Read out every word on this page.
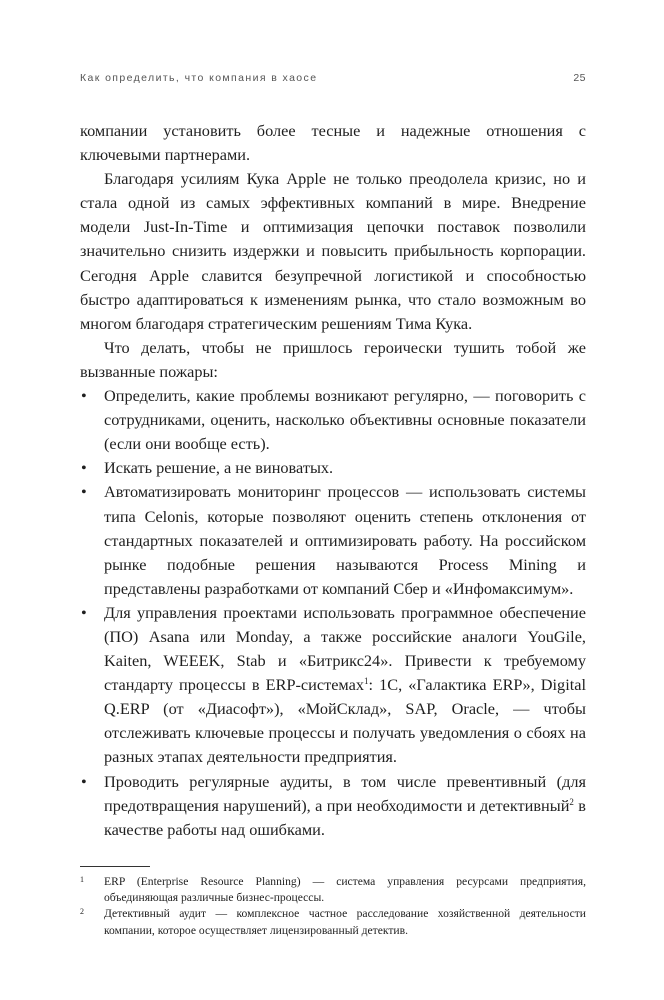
Как определить, что компания в хаосе	25

компании установить более тесные и надежные отношения с ключевыми партнерами.

Благодаря усилиям Кука Apple не только преодолела кризис, но и стала одной из самых эффективных компаний в мире. Внедрение модели Just-In-Time и оптимизация цепочки поставок позволили значительно снизить издержки и повысить прибыльность корпорации. Сегодня Apple славится безупречной логистикой и способностью быстро адаптироваться к изменениям рынка, что стало возможным во многом благодаря стратегическим решениям Тима Кука.

Что делать, чтобы не пришлось героически тушить тобой же вызванные пожары:

• Определить, какие проблемы возникают регулярно, — поговорить с сотрудниками, оценить, насколько объективны основные показатели (если они вообще есть).
• Искать решение, а не виноватых.
• Автоматизировать мониторинг процессов — использовать системы типа Celonis, которые позволяют оценить степень отклонения от стандартных показателей и оптимизировать работу. На российском рынке подобные решения называются Process Mining и представлены разработками от компаний Сбер и «Инфомаксимум».
• Для управления проектами использовать программное обеспечение (ПО) Asana или Monday, а также российские аналоги YouGile, Kaiten, WEEEK, Stab и «Битрикс24». Привести к требуемому стандарту процессы в ERP-системах$^1$: 1С, «Галактика ERP», Digital Q.ERP (от «Диасофт»), «МойСклад», SAP, Oracle, — чтобы отслеживать ключевые процессы и получать уведомления о сбоях на разных этапах деятельности предприятия.
• Проводить регулярные аудиты, в том числе превентивный (для предотвращения нарушений), а при необходимости и детективный$^2$ в качестве работы над ошибками.

1 ERP (Enterprise Resource Planning) — система управления ресурсами предприятия, объединяющая различные бизнес-процессы.

2 Детективный аудит — комплексное частное расследование хозяйственной деятельности компании, которое осуществляет лицензированный детектив.
